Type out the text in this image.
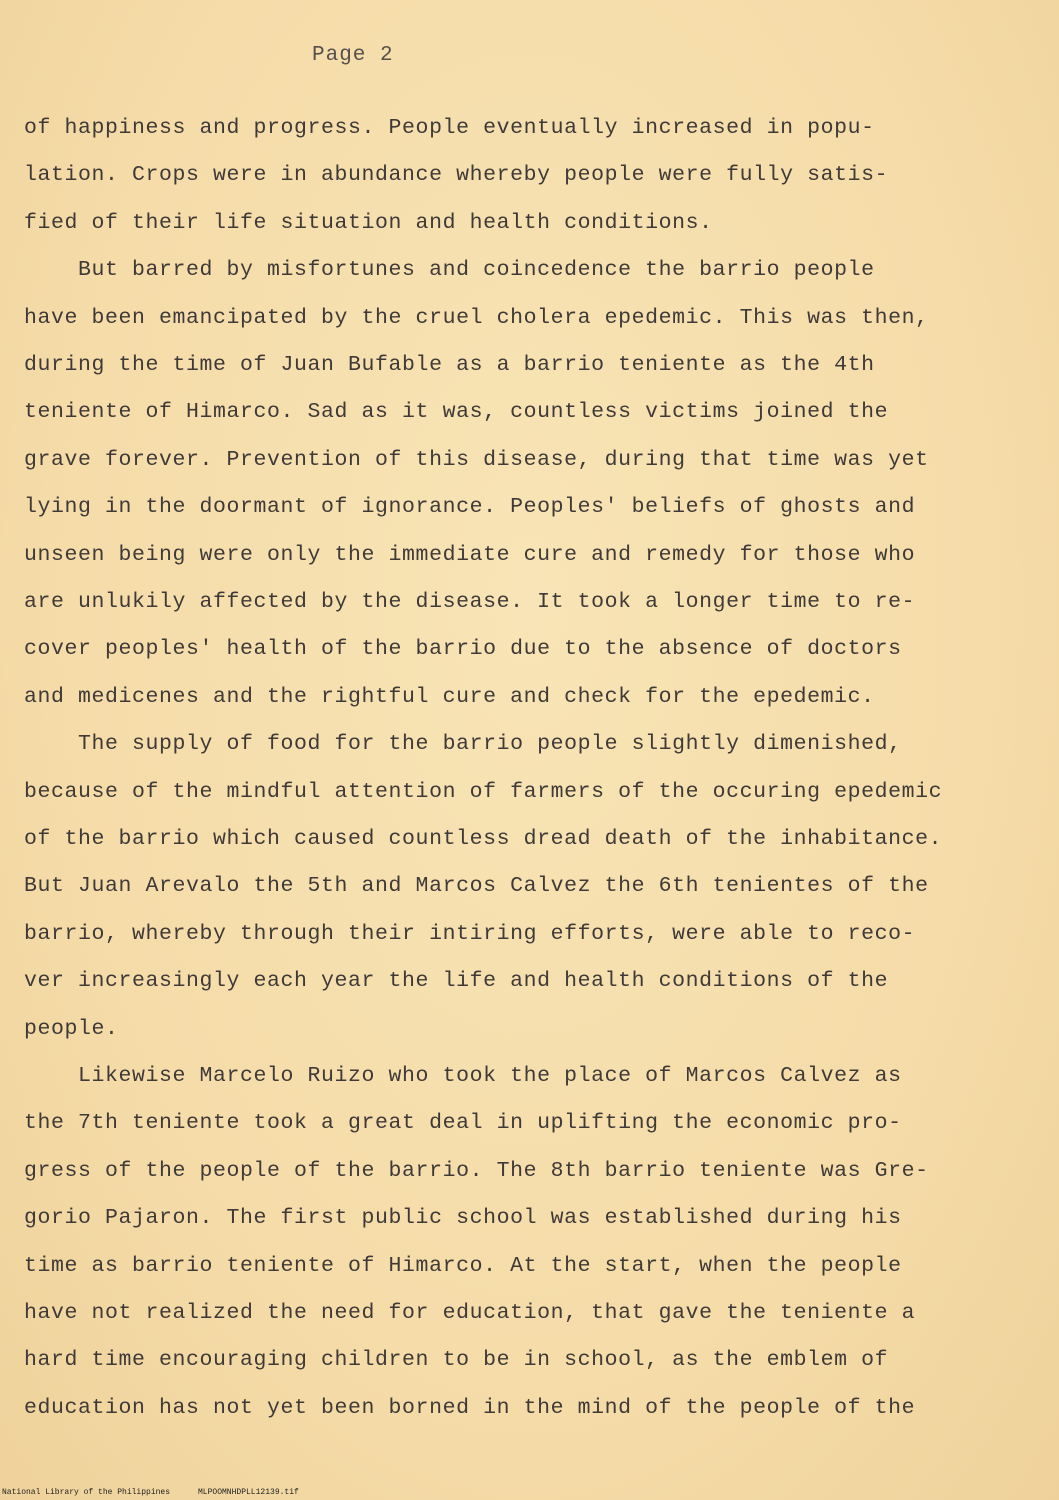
Page 2
of happiness and progress. People eventually increased in popu-
lation. Crops were in abundance whereby people were fully satis-
fied of their life situation and health conditions.
But barred by misfortunes and coincedence the barrio people
have been emancipated by the cruel cholera epedemic. This was then,
during the time of Juan Bufable as a barrio teniente as the 4th
teniente of Himarco. Sad as it was, countless victims joined the
grave forever. Prevention of this disease, during that time was yet
lying in the doormant of ignorance. Peoples' beliefs of ghosts and
unseen being were only the immediate cure and remedy for those who
are unlukily affected by the disease. It took a longer time to re-
cover peoples' health of the barrio due to the absence of doctors
and medicenes and the rightful cure and check for the epedemic.
The supply of food for the barrio people slightly dimenished,
because of the mindful attention of farmers of the occuring epedemic
of the barrio which caused countless dread death of the inhabitance.
But Juan Arevalo the 5th and Marcos Calvez the 6th tenientes of the
barrio, whereby through their intiring efforts, were able to reco-
ver increasingly each year the life and health conditions of the
people.
Likewise Marcelo Ruizo who took the place of Marcos Calvez as
the 7th teniente took a great deal in uplifting the economic pro-
gress of the people of the barrio. The 8th barrio teniente was Gre-
gorio Pajaron. The first public school was established during his
time as barrio teniente of Himarco. At the start, when the people
have not realized the need for education, that gave the teniente a
hard time encouraging children to be in school, as the emblem of
education has not yet been borned in the mind of the people of the
National Library of the Philippines	MLPOOMNHDPLL12139.tif
